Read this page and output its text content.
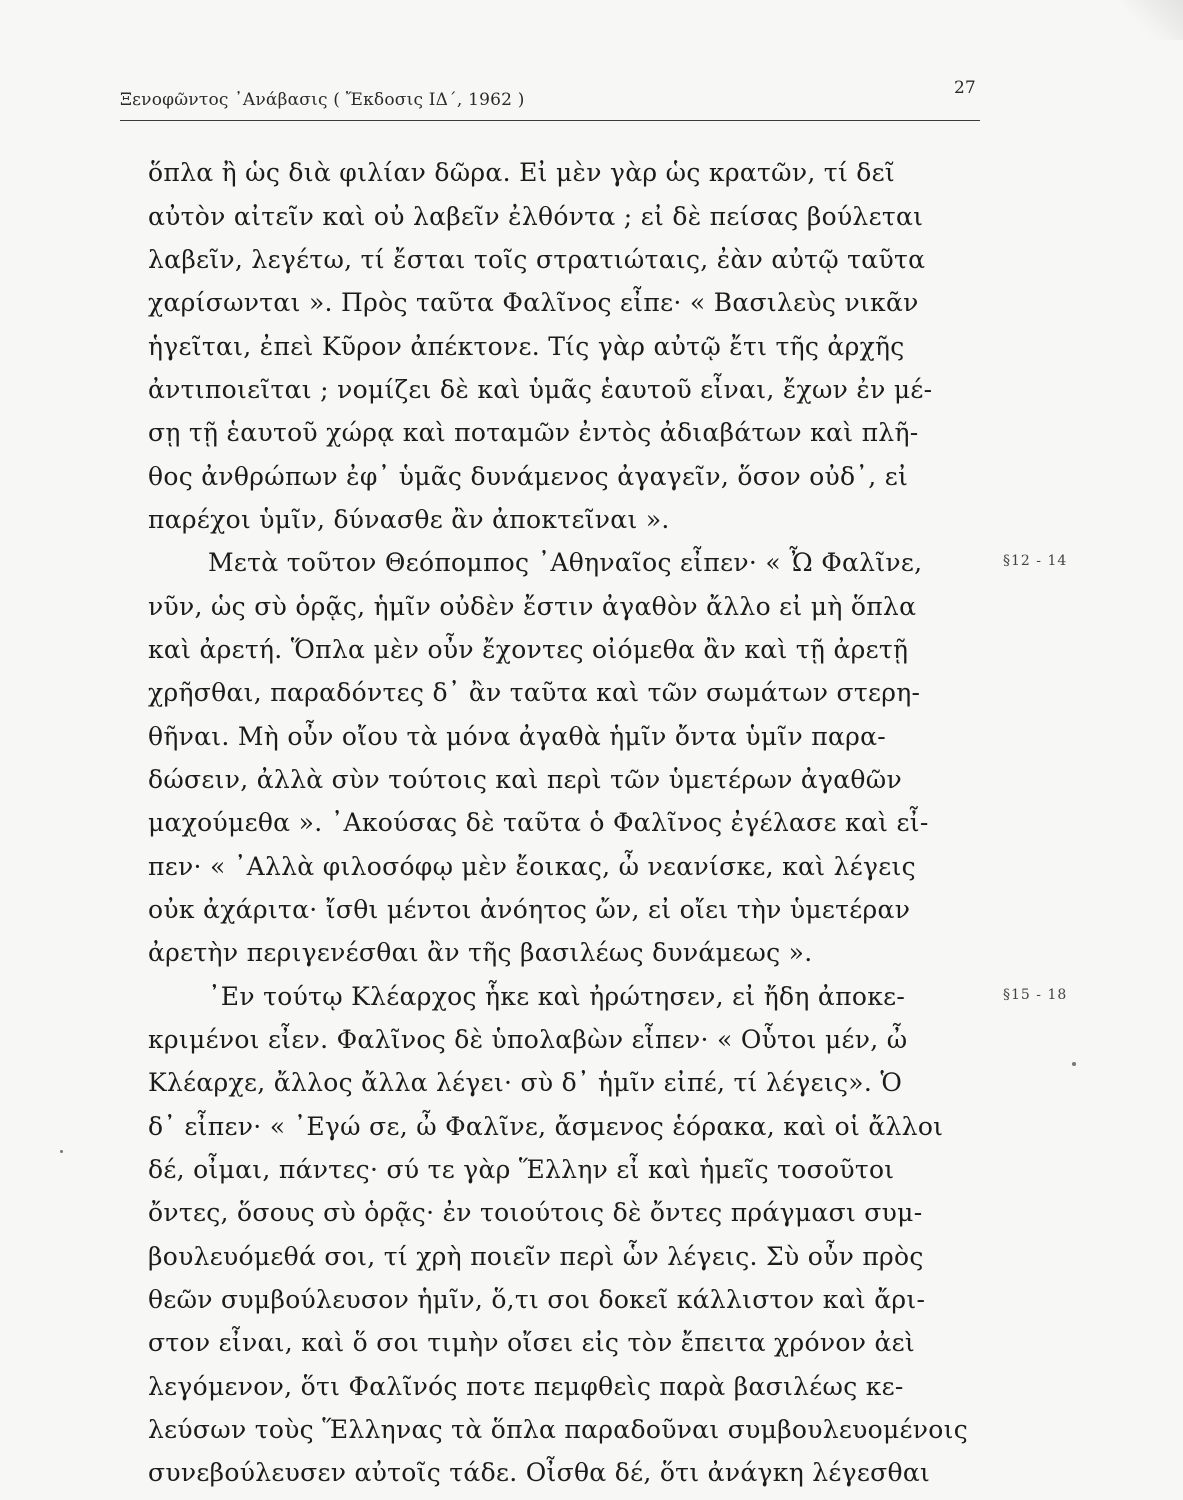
Ξενοφῶντος ᾿Ανάβασις ( Ἔκδοσις ΙΔ΄, 1962 )
27
ὅπλα ἢ ὡς διὰ φιλίαν δῶρα. Εἰ μὲν γὰρ ὡς κρατῶν, τί δεῖ
αὐτὸν αἰτεῖν καὶ οὐ λαβεῖν ἐλθόντα ; εἰ δὲ πείσας βούλεται
λαβεῖν, λεγέτω, τί ἔσται τοῖς στρατιώταις, ἐὰν αὐτῷ ταῦτα
χαρίσωνται ». Πρὸς ταῦτα Φαλῖνος εἶπε· « Βασιλεὺς νικᾶν
ἡγεῖται, ἐπεὶ Κῦρον ἀπέκτονε. Τίς γὰρ αὐτῷ ἔτι τῆς ἀρχῆς
ἀντιποιεῖται ; νομίζει δὲ καὶ ὑμᾶς ἑαυτοῦ εἶναι, ἔχων ἐν μέ-
σῃ τῇ ἑαυτοῦ χώρᾳ καὶ ποταμῶν ἐντὸς ἀδιαβάτων καὶ πλῆ-
θος ἀνθρώπων ἐφ᾿ ὑμᾶς δυνάμενος ἀγαγεῖν, ὅσον οὐδ᾿, εἰ
παρέχοι ὑμῖν, δύνασθε ἂν ἀποκτεῖναι ».
Μετὰ τοῦτον Θεόπομπος ᾿Αθηναῖος εἶπεν· « Ὦ Φαλῖνε,
νῦν, ὡς σὺ ὁρᾷς, ἡμῖν οὐδὲν ἔστιν ἀγαθὸν ἄλλο εἰ μὴ ὅπλα
καὶ ἀρετή. Ὅπλα μὲν οὖν ἔχοντες οἰόμεθα ἂν καὶ τῇ ἀρετῇ
χρῆσθαι, παραδόντες δ᾿ ἂν ταῦτα καὶ τῶν σωμάτων στερη-
θῆναι. Μὴ οὖν οἴου τὰ μόνα ἀγαθὰ ἡμῖν ὄντα ὑμῖν παρα-
δώσειν, ἀλλὰ σὺν τούτοις καὶ περὶ τῶν ὑμετέρων ἀγαθῶν
μαχούμεθα ». ᾿Ακούσας δὲ ταῦτα ὁ Φαλῖνος ἐγέλασε καὶ εἶ-
πεν· « ᾿Αλλὰ φιλοσόφῳ μὲν ἔοικας, ὦ νεανίσκε, καὶ λέγεις
οὐκ ἀχάριτα· ἴσθι μέντοι ἀνόητος ὤν, εἰ οἴει τὴν ὑμετέραν
ἀρετὴν περιγενέσθαι ἂν τῆς βασιλέως δυνάμεως ».
᾿Εν τούτῳ Κλέαρχος ἧκε καὶ ἠρώτησεν, εἰ ἤδη ἀποκε-
κριμένοι εἶεν. Φαλῖνος δὲ ὑπολαβὼν εἶπεν· « Οὗτοι μέν, ὦ
Κλέαρχε, ἄλλος ἄλλα λέγει· σὺ δ᾿ ἡμῖν εἰπέ, τί λέγεις». Ὁ
δ᾿ εἶπεν· « ᾿Εγώ σε, ὦ Φαλῖνε, ἄσμενος ἑόρακα, καὶ οἱ ἄλλοι
δέ, οἶμαι, πάντες· σύ τε γὰρ Ἕλλην εἶ καὶ ἡμεῖς τοσοῦτοι
ὄντες, ὅσους σὺ ὁρᾷς· ἐν τοιούτοις δὲ ὄντες πράγμασι συμ-
βουλευόμεθά σοι, τί χρὴ ποιεῖν περὶ ὧν λέγεις. Σὺ οὖν πρὸς
θεῶν συμβούλευσον ἡμῖν, ὅ,τι σοι δοκεῖ κάλλιστον καὶ ἄρι-
στον εἶναι, καὶ ὅ σοι τιμὴν οἴσει εἰς τὸν ἔπειτα χρόνον ἀεὶ
λεγόμενον, ὅτι Φαλῖνός ποτε πεμφθεὶς παρὰ βασιλέως κε-
λεύσων τοὺς Ἕλληνας τὰ ὅπλα παραδοῦναι συμβουλευομένοις
συνεβούλευσεν αὐτοῖς τάδε. Οἶσθα δέ, ὅτι ἀνάγκη λέγεσθαι
§12 - 14
§15 - 18
